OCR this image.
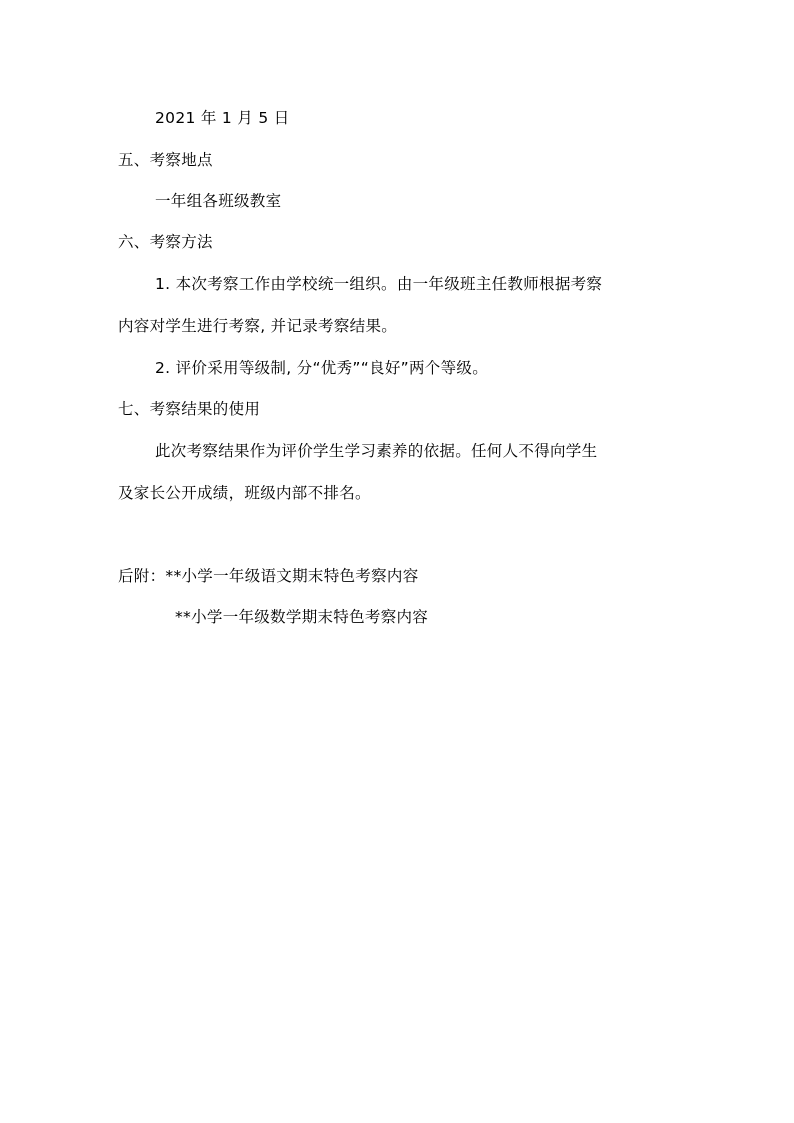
2021 年 1 月 5 日
五、考察地点
一年组各班级教室
六、考察方法
1. 本次考察工作由学校统一组织。由一年级班主任教师根据考察
内容对学生进行考察, 并记录考察结果。
2. 评价采用等级制, 分“优秀”“良好”两个等级。
七、考察结果的使用
此次考察结果作为评价学生学习素养的依据。任何人不得向学生
及家长公开成绩，班级内部不排名。
后附：**小学一年级语文期末特色考察内容
**小学一年级数学期末特色考察内容
